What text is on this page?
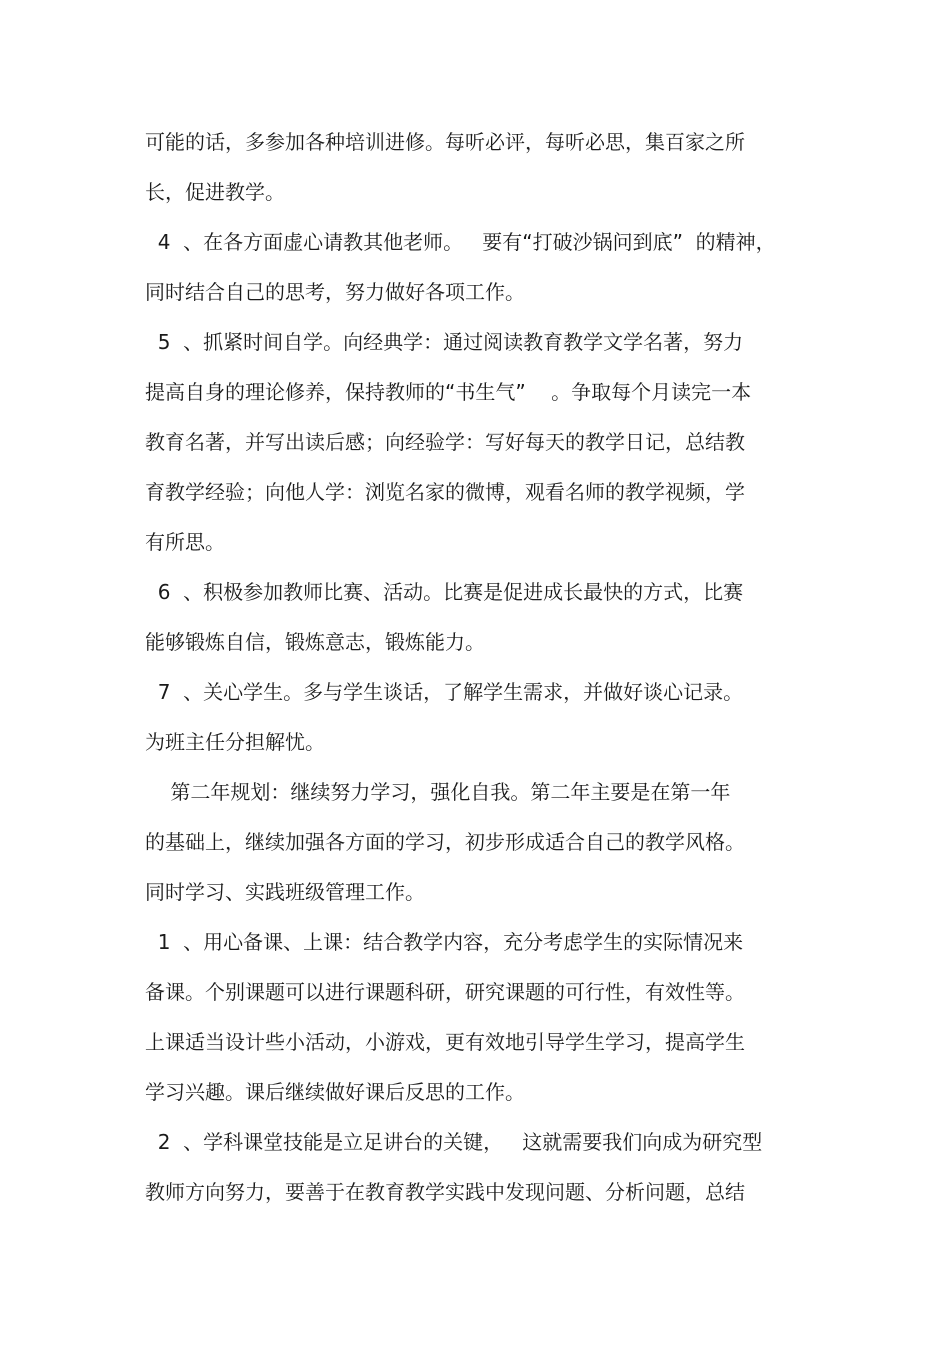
可能的话，多参加各种培训进修。每听必评，每听必思，集百家之所
长，促进教学。
4  、在各方面虚心请教其他老师。   要有“打破沙锅问到底”  的精神，
同时结合自己的思考，努力做好各项工作。
5  、抓紧时间自学。向经典学：通过阅读教育教学文学名著，努力
提高自身的理论修养，保持教师的“书生气”    。争取每个月读完一本
教育名著，并写出读后感；向经验学：写好每天的教学日记，总结教
育教学经验；向他人学：浏览名家的微博，观看名师的教学视频，学
有所思。
6  、积极参加教师比赛、活动。比赛是促进成长最快的方式，比赛
能够锻炼自信，锻炼意志，锻炼能力。
7  、关心学生。多与学生谈话，了解学生需求，并做好谈心记录。
为班主任分担解忧。
第二年规划：继续努力学习，强化自我。第二年主要是在第一年
的基础上，继续加强各方面的学习，初步形成适合自己的教学风格。
同时学习、实践班级管理工作。
1  、用心备课、上课：结合教学内容，充分考虑学生的实际情况来
备课。个别课题可以进行课题科研，研究课题的可行性，有效性等。
上课适当设计些小活动，小游戏，更有效地引导学生学习，提高学生
学习兴趣。课后继续做好课后反思的工作。
2  、学科课堂技能是立足讲台的关键，   这就需要我们向成为研究型
教师方向努力，要善于在教育教学实践中发现问题、分析问题，总结
